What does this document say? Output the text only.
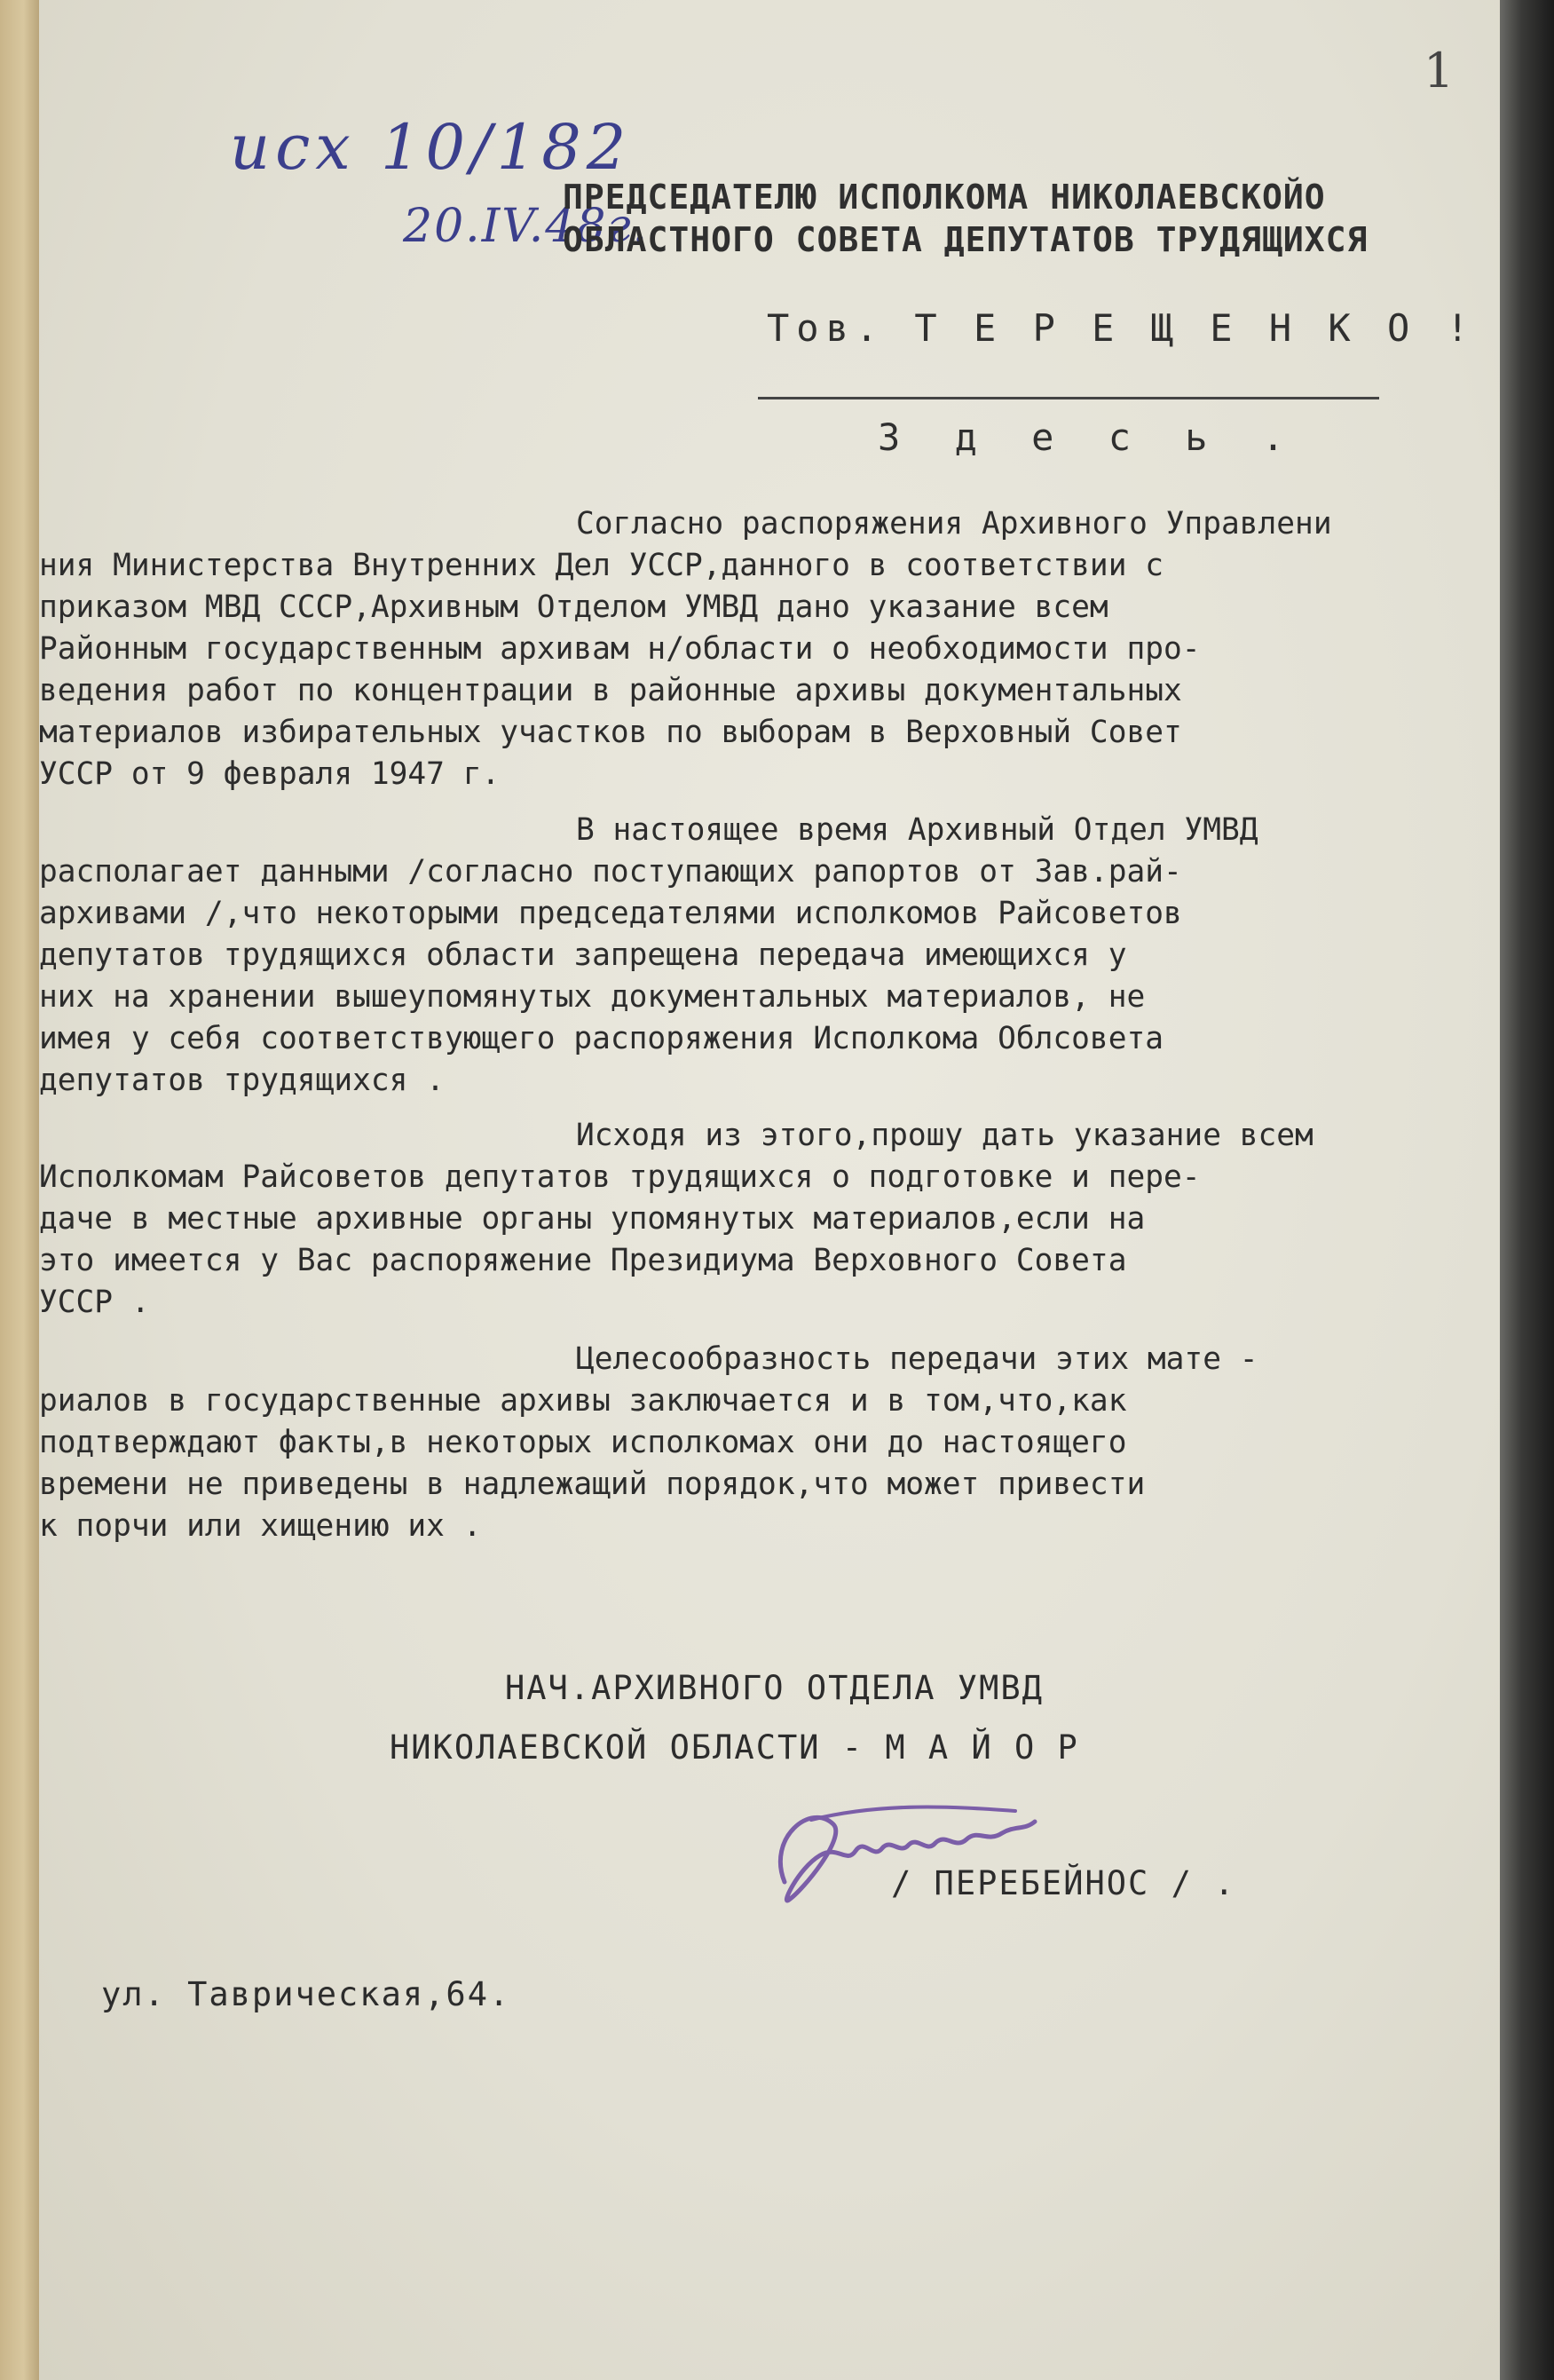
1
исх 10/182
20.IV.48г.
ПРЕДСЕДАТЕЛЮ ИСПОЛКОМА НИКОЛАЕВСКОЙО
ОБЛАСТНОГО СОВЕТА ДЕПУТАТОВ ТРУДЯЩИХСЯ
Тов. Т Е Р Е Щ Е Н К О !
З д е с ь .
Согласно распоряжения Архивного Управлени
ния Министерства Внутренних Дел УССР,данного в соответствии с
приказом МВД СССР,Архивным Отделом УМВД дано указание всем
Районным государственным архивам н/области о необходимости про-
ведения работ по концентрации в районные архивы документальных
материалов избирательных участков по выборам в Верховный Совет
УССР от 9 февраля 1947 г.
В настоящее время Архивный Отдел УМВД
располагает данными /согласно поступающих рапортов от Зав.рай-
архивами /,что некоторыми председателями исполкомов Райсоветов
депутатов трудящихся области запрещена передача имеющихся у
них на хранении вышеупомянутых документальных материалов, не
имея у себя соответствующего распоряжения Исполкома Облсовета
депутатов трудящихся .
Исходя из этого,прошу дать указание всем
Исполкомам Райсоветов депутатов трудящихся о подготовке и пере-
даче в местные архивные органы упомянутых материалов,если на
это имеется у Вас распоряжение Президиума Верховного Совета
УССР .
Целесообразность передачи этих мате -
риалов в государственные архивы заключается и в том,что,как
подтверждают факты,в некоторых исполкомах они до настоящего
времени не приведены в надлежащий порядок,что может привести
к порчи или хищению их .
НАЧ.АРХИВНОГО ОТДЕЛА УМВД
НИКОЛАЕВСКОЙ ОБЛАСТИ - М А Й О Р
/ ПЕРЕБЕЙНОС / .
ул. Таврическая,64.
